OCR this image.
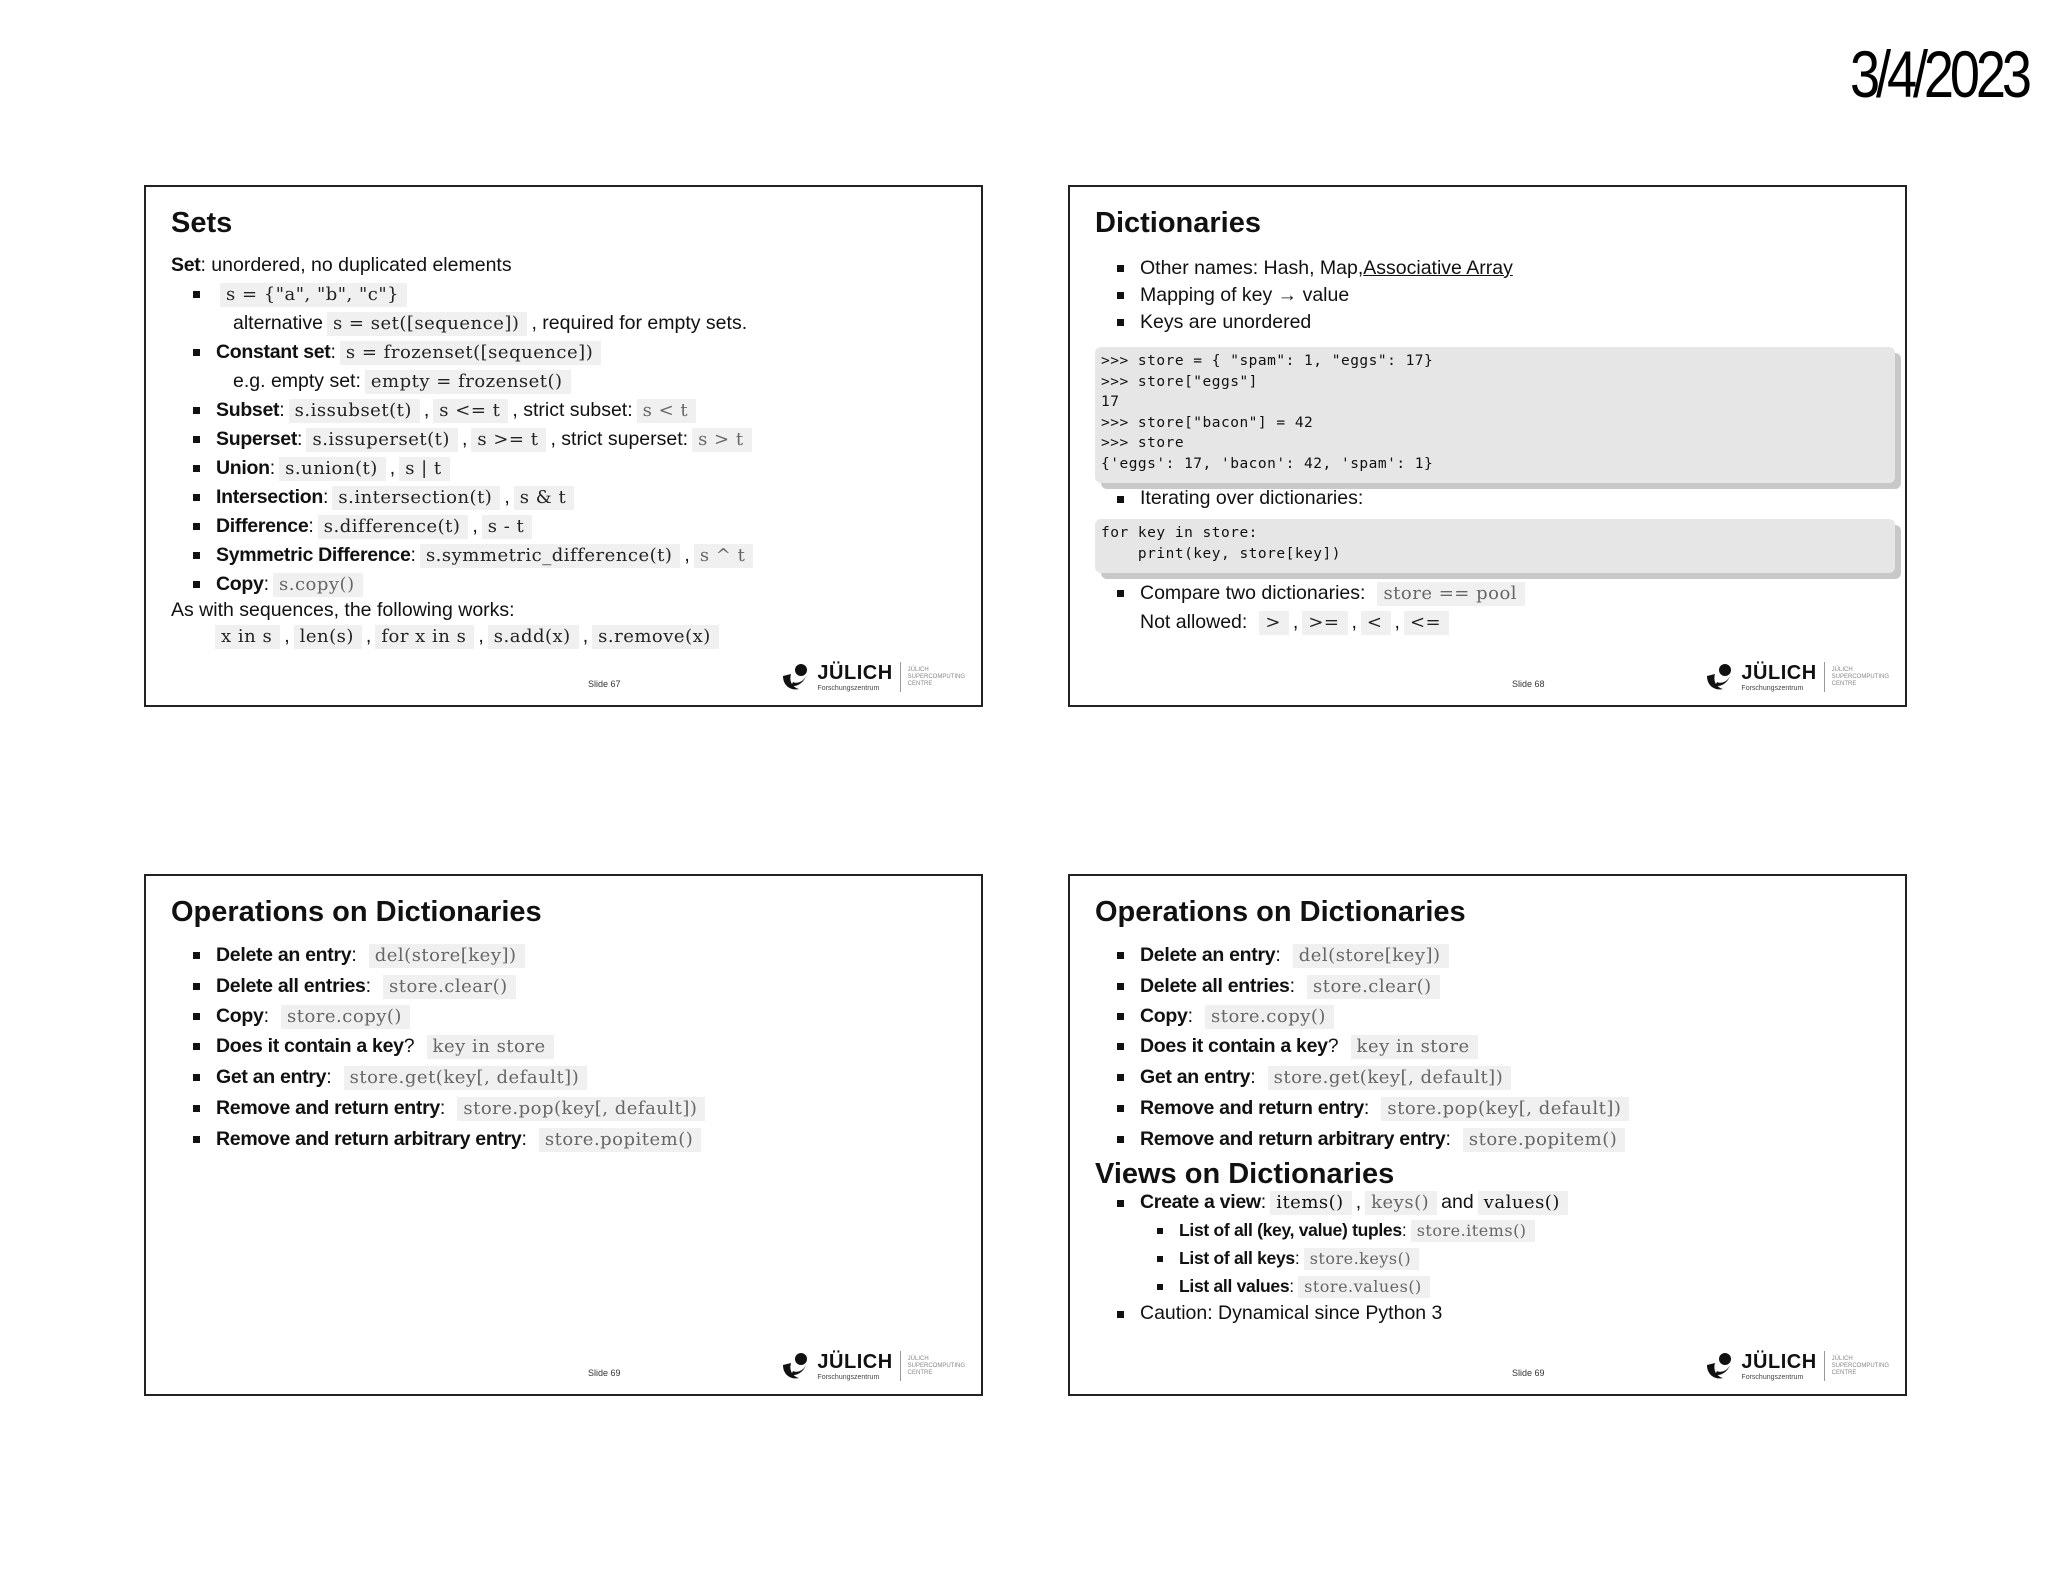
3/4/2023
Sets
Set : unordered, no duplicated elements
s = {"a", "b", "c"}
alternative s = set([sequence]) , required for empty sets.
Constant set : s = frozenset([sequence])
e.g. empty set: empty = frozenset()
Subset : s.issubset(t) , s <= t , strict subset: s < t
Superset : s.issuperset(t) , s >= t , strict superset: s > t
Union : s.union(t) , s | t
Intersection : s.intersection(t) , s & t
Difference : s.difference(t) , s - t
Symmetric Difference : s.symmetric_difference(t) , s ^ t
Copy : s.copy()
As with sequences, the following works:
x in s , len(s) , for x in s , s.add(x) , s.remove(x)
Slide 67
JÜLICH
Forschungszentrum
JÜLICH
SUPERCOMPUTING
CENTRE
Dictionaries
Other names: Hash, Map, Associative Array
Mapping of key → value
Keys are unordered
>>> store = { "spam": 1, "eggs": 17}
>>> store["eggs"]
17
>>> store["bacon"] = 42
>>> store
{'eggs': 17, 'bacon': 42, 'spam': 1}
Iterating over dictionaries:
for key in store:
print(key, store[key])
Compare two dictionaries:	store == pool
Not allowed:	> , >= , < , <=
Slide 68
JÜLICH
Forschungszentrum
JÜLICH
SUPERCOMPUTING
CENTRE
Operations on Dictionaries
Delete an entry :	del(store[key])
Delete all entries :	store.clear()
Copy :	store.copy()
Does it contain a key ?	key in store
Get an entry :	store.get(key[, default])
Remove and return entry :	store.pop(key[, default])
Remove and return arbitrary entry :	store.popitem()
Slide 69
JÜLICH
Forschungszentrum
JÜLICH
SUPERCOMPUTING
CENTRE
Operations on Dictionaries
Delete an entry :	del(store[key])
Delete all entries :	store.clear()
Copy :	store.copy()
Does it contain a key ?	key in store
Get an entry :	store.get(key[, default])
Remove and return entry :	store.pop(key[, default])
Remove and return arbitrary entry :	store.popitem()
Views on Dictionaries
Create a view : items() , keys() and values()
List of all (key, value) tuples : store.items()
List of all keys : store.keys()
List all values : store.values()
Caution: Dynamical since Python 3
Slide 69
JÜLICH
Forschungszentrum
JÜLICH
SUPERCOMPUTING
CENTRE
